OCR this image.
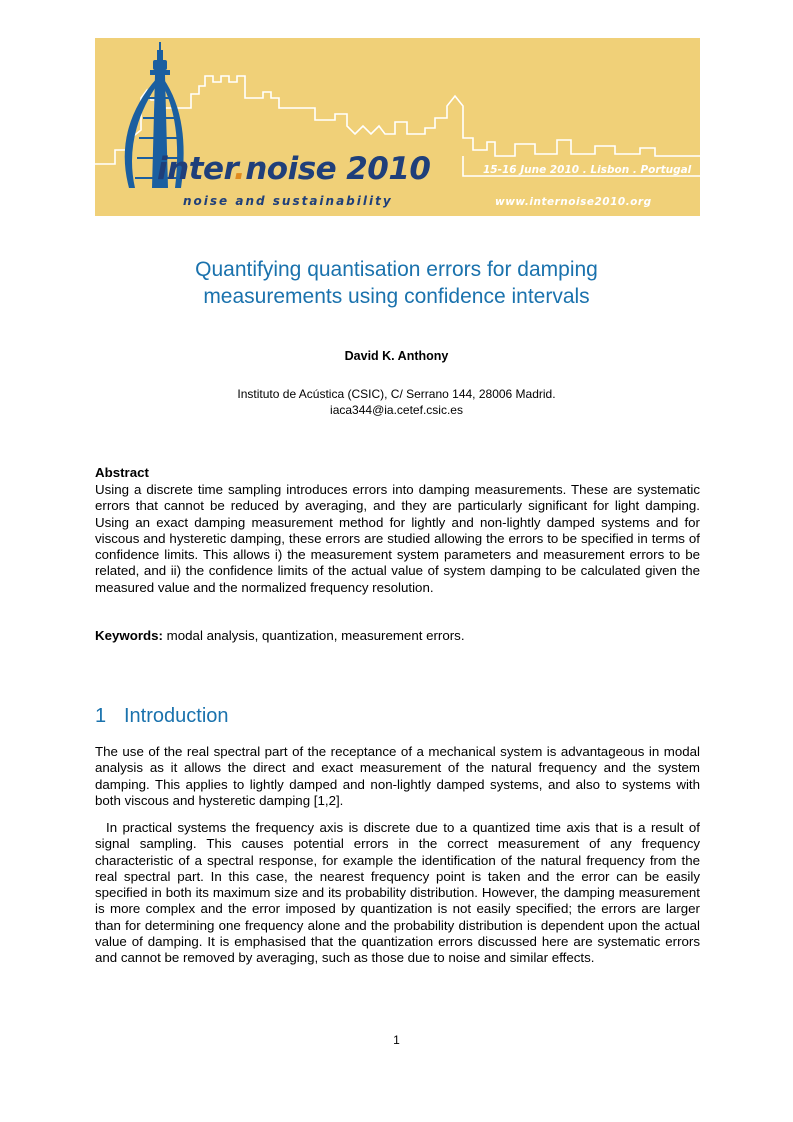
inter.noise 2010
noise and sustainability
15-16 June 2010 . Lisbon . Portugal
www.internoise2010.org
Quantifying quantisation errors for damping
measurements using confidence intervals
David K. Anthony
Instituto de Acústica (CSIC), C/ Serrano 144, 28006 Madrid.
iaca344@ia.cetef.csic.es
Abstract
Using a discrete time sampling introduces errors into damping measurements. These are systematic errors that cannot be reduced by averaging, and they are particularly significant for light damping. Using an exact damping measurement method for lightly and non-lightly damped systems and for viscous and hysteretic damping, these errors are studied allowing the errors to be specified in terms of confidence limits. This allows i) the measurement system parameters and measurement errors to be related, and ii) the confidence limits of the actual value of system damping to be calculated given the measured value and the normalized frequency resolution.
Keywords: modal analysis, quantization, measurement errors.
1 Introduction
The use of the real spectral part of the receptance of a mechanical system is advantageous in modal analysis as it allows the direct and exact measurement of the natural frequency and the system damping. This applies to lightly damped and non-lightly damped systems, and also to systems with both viscous and hysteretic damping [1,2].
In practical systems the frequency axis is discrete due to a quantized time axis that is a result of signal sampling. This causes potential errors in the correct measurement of any frequency characteristic of a spectral response, for example the identification of the natural frequency from the real spectral part. In this case, the nearest frequency point is taken and the error can be easily specified in both its maximum size and its probability distribution. However, the damping measurement is more complex and the error imposed by quantization is not easily specified; the errors are larger than for determining one frequency alone and the probability distribution is dependent upon the actual value of damping. It is emphasised that the quantization errors discussed here are systematic errors and cannot be removed by averaging, such as those due to noise and similar effects.
1
